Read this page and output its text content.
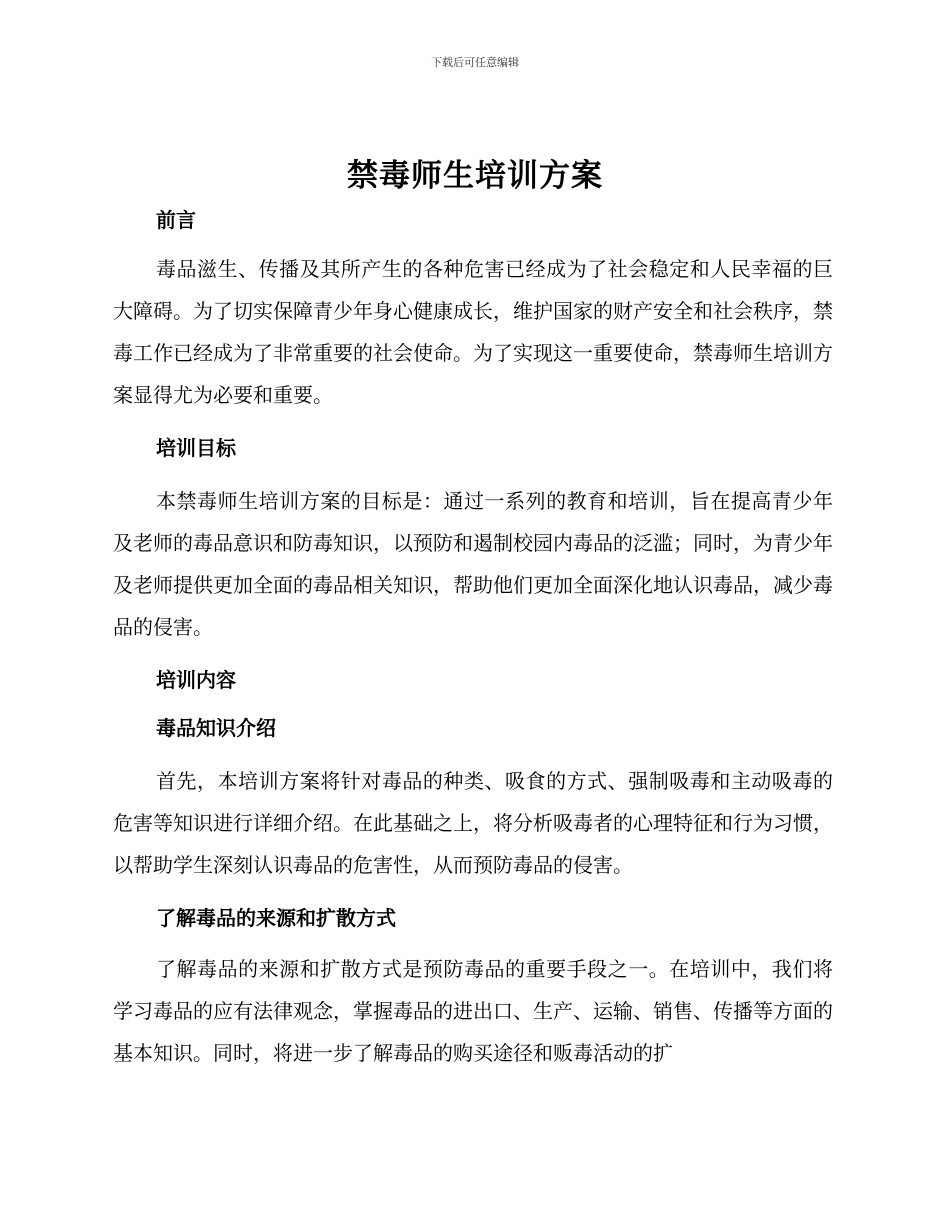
下载后可任意编辑
禁毒师生培训方案

前言

毒品滋生、传播及其所产生的各种危害已经成为了社会稳定和人民幸福的巨大障碍。为了切实保障青少年身心健康成长，维护国家的财产安全和社会秩序，禁毒工作已经成为了非常重要的社会使命。为了实现这一重要使命，禁毒师生培训方案显得尤为必要和重要。

培训目标

本禁毒师生培训方案的目标是：通过一系列的教育和培训，旨在提高青少年及老师的毒品意识和防毒知识，以预防和遏制校园内毒品的泛滥；同时，为青少年及老师提供更加全面的毒品相关知识，帮助他们更加全面深化地认识毒品，减少毒品的侵害。

培训内容

毒品知识介绍

首先，本培训方案将针对毒品的种类、吸食的方式、强制吸毒和主动吸毒的危害等知识进行详细介绍。在此基础之上，将分析吸毒者的心理特征和行为习惯，以帮助学生深刻认识毒品的危害性，从而预防毒品的侵害。

了解毒品的来源和扩散方式

了解毒品的来源和扩散方式是预防毒品的重要手段之一。在培训中，我们将学习毒品的应有法律观念，掌握毒品的进出口、生产、运输、销售、传播等方面的基本知识。同时，将进一步了解毒品的购买途径和贩毒活动的扩
